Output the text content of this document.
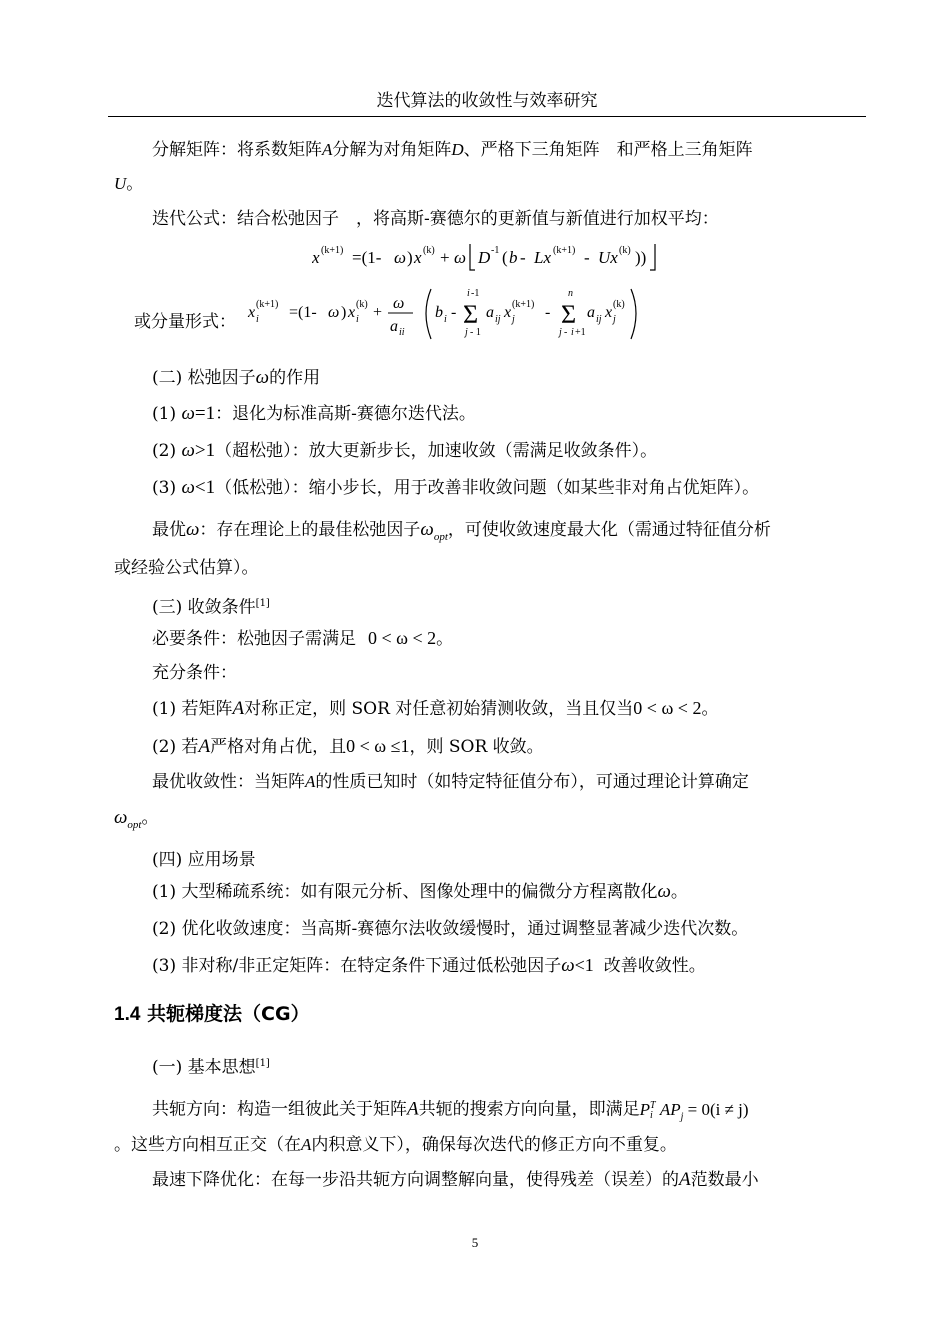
迭代算法的收敛性与效率研究
分解矩阵：将系数矩阵A分解为对角矩阵D、严格下三角矩阵　和严格上三角矩阵
U。
迭代公式：结合松弛因子　，将高斯-赛德尔的更新值与新值进行加权平均：
x (k+1) =(1- ω ) x (k) + ω D -1 ( b - Lx (k+1) - Ux (k) ))
或分量形式： x i
(k+1) =(1- ω ) x i
(k) +
ω
a ii
b i -
i -1
Σ
j - 1
a ij x j
(k+1) -
n
Σ
j - i +1
a ij x j
(k)
(二) 松弛因子ω的作用
(1) ω=1：退化为标准高斯-赛德尔迭代法。
(2) ω>1（超松弛）：放大更新步长，加速收敛（需满足收敛条件）。
(3) ω<1（低松弛）：缩小步长，用于改善非收敛问题（如某些非对角占优矩阵）。
最优ω：存在理论上的最佳松弛因子$\omega_{opt}$，可使收敛速度最大化（需通过特征值分析
或经验公式估算）。
(三) 收敛条件[1]
必要条件：松弛因子需满足 0 < ω < 2。
充分条件：
(1) 若矩阵A对称正定，则 SOR 对任意初始猜测收敛，当且仅当0 < ω < 2。
(2) 若A严格对角占优，且0 < ω ≤1，则 SOR 收敛。
最优收敛性：当矩阵A的性质已知时（如特定特征值分布），可通过理论计算确定
$\omega_{opt}$。
(四) 应用场景
(1) 大型稀疏系统：如有限元分析、图像处理中的偏微分方程离散化ω。
(2) 优化收敛速度：当高斯-赛德尔法收敛缓慢时，通过调整显著减少迭代次数。
(3) 非对称/非正定矩阵：在特定条件下通过低松弛因子ω<1 改善收敛性。
1.4 共轭梯度法（CG）
(一) 基本思想[1]
共轭方向：构造一组彼此关于矩阵A共轭的搜索方向向量，即满足$P^T$
i $AP_j = 0(i \ne j)$
。这些方向相互正交（在A内积意义下），确保每次迭代的修正方向不重复。
最速下降优化：在每一步沿共轭方向调整解向量，使得残差（误差）的A范数最小
5
